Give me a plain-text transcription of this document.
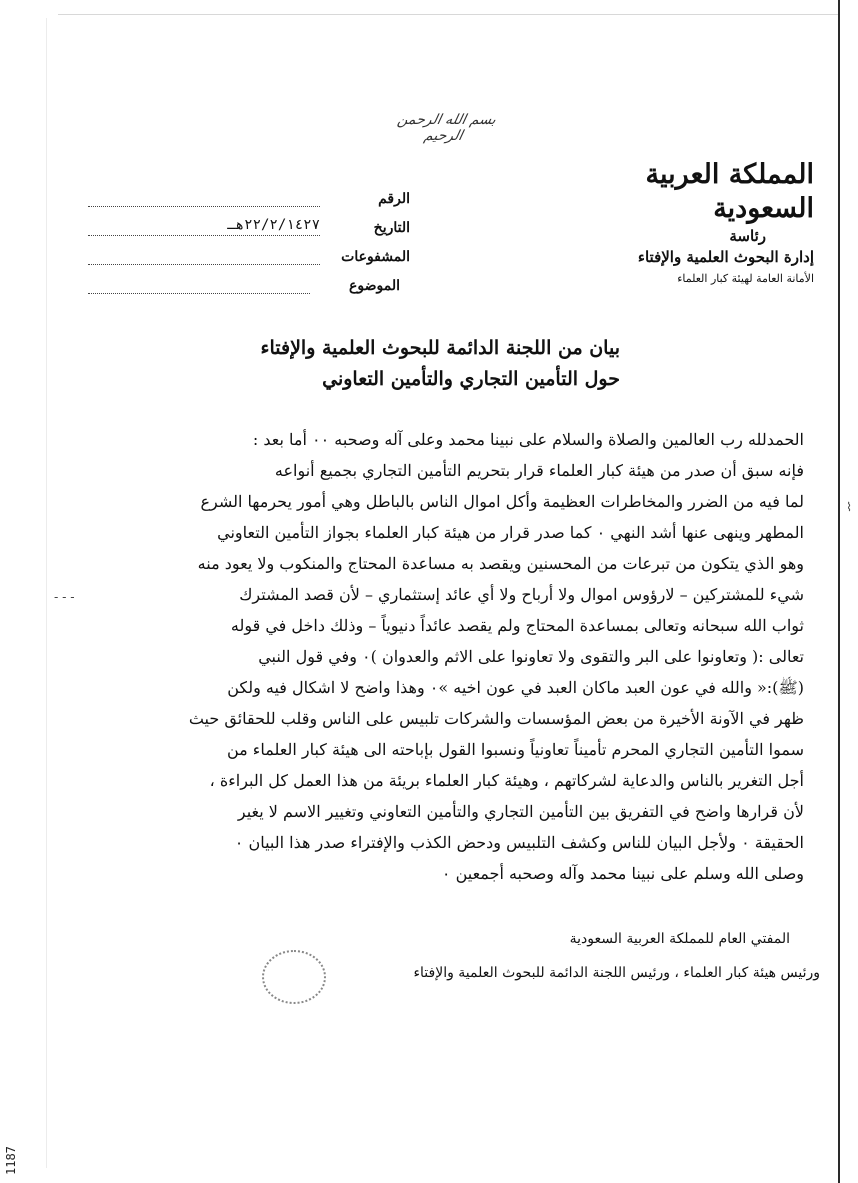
1187
بسم الله الرحمن الرحيم
المملكة العربية السعودية
رئاسة
إدارة البحوث العلمية والإفتاء
الأمانة العامة لهيئة كبار العلماء
الرقم
التاريخ
٢٢/٢/١٤٢٧هـ
المشفوعات
الموضوع
بيان من اللجنة الدائمة للبحوث العلمية والإفتاء
حول التأمين التجاري والتأمين التعاوني
الحمدلله رب العالمين والصلاة والسلام على نبينا محمد وعلى آله وصحبه ٠٠ أما بعد :
فإنه سبق أن صدر من هيئة كبار العلماء قرار بتحريم التأمين التجاري بجميع أنواعه
لما فيه من الضرر والمخاطرات العظيمة وأكل اموال الناس بالباطل وهي أمور يحرمها الشرع
المطهر وينهى عنها أشد النهي ٠ كما صدر قرار من هيئة كبار العلماء بجواز التأمين التعاوني
وهو الذي يتكون من تبرعات من المحسنين ويقصد به مساعدة المحتاج والمنكوب ولا يعود منه
شيء للمشتركين – لارؤوس اموال ولا أرباح ولا أي عائد إستثماري – لأن قصد المشترك
ثواب الله سبحانه وتعالى بمساعدة المحتاج ولم يقصد عائداً دنيوياً – وذلك داخل في قوله
تعالى :( وتعاونوا على البر والتقوى ولا تعاونوا على الاثم والعدوان )٠ وفي قول النبي
(ﷺ):« والله في عون العبد ماكان العبد في عون اخيه »٠ وهذا واضح لا اشكال فيه ولكن
ظهر في الآونة الأخيرة من بعض المؤسسات والشركات تلبيس على الناس وقلب للحقائق حيث
سموا التأمين التجاري المحرم تأميناً تعاونياً ونسبوا القول بإباحته الى هيئة كبار العلماء من
أجل التغرير بالناس والدعاية لشركاتهم ، وهيئة كبار العلماء بريئة من هذا العمل كل البراءة ،
لأن قرارها واضح في التفريق بين التأمين التجاري والتأمين التعاوني وتغيير الاسم لا يغير
الحقيقة ٠ ولأجل البيان للناس وكشف التلبيس ودحض الكذب والإفتراء صدر هذا البيان ٠
وصلى الله وسلم على نبينا محمد وآله وصحبه أجمعين ٠
المفتي العام للمملكة العربية السعودية
ورئيس هيئة كبار العلماء ، ورئيس اللجنة الدائمة للبحوث العلمية والإفتاء
⌇
- - -
